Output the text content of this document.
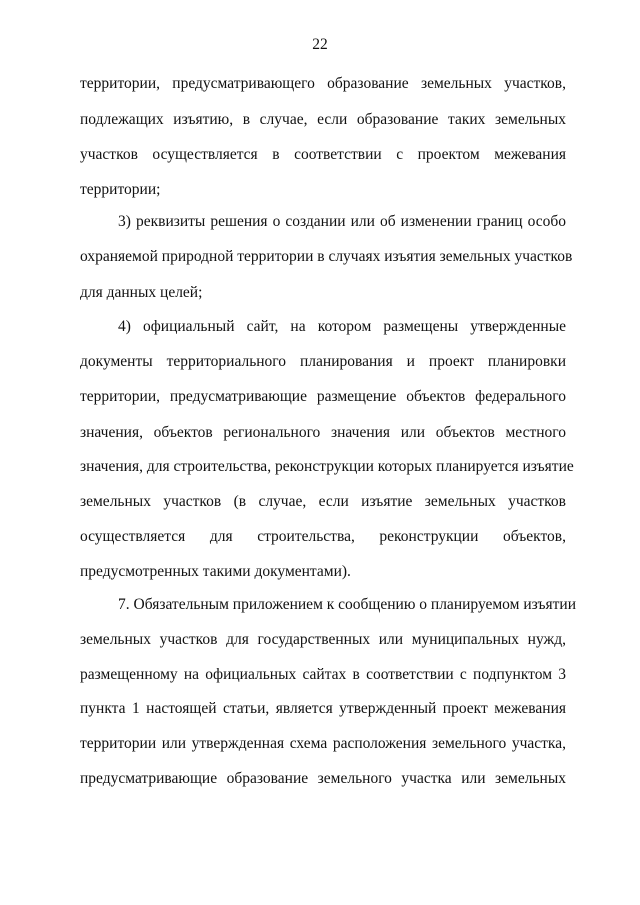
22
территории, предусматривающего образование земельных участков,
подлежащих изъятию, в случае, если образование таких земельных
участков осуществляется в соответствии с проектом межевания
территории;
3) реквизиты решения о создании или об изменении границ особо
охраняемой природной территории в случаях изъятия земельных участков
для данных целей;
4) официальный сайт, на котором размещены утвержденные
документы территориального планирования и проект планировки
территории, предусматривающие размещение объектов федерального
значения, объектов регионального значения или объектов местного
значения, для строительства, реконструкции которых планируется изъятие
земельных участков (в случае, если изъятие земельных участков
осуществляется для строительства, реконструкции объектов,
предусмотренных такими документами).
7. Обязательным приложением к сообщению о планируемом изъятии
земельных участков для государственных или муниципальных нужд,
размещенному на официальных сайтах в соответствии с подпунктом 3
пункта 1 настоящей статьи, является утвержденный проект межевания
территории или утвержденная схема расположения земельного участка,
предусматривающие образование земельного участка или земельных
